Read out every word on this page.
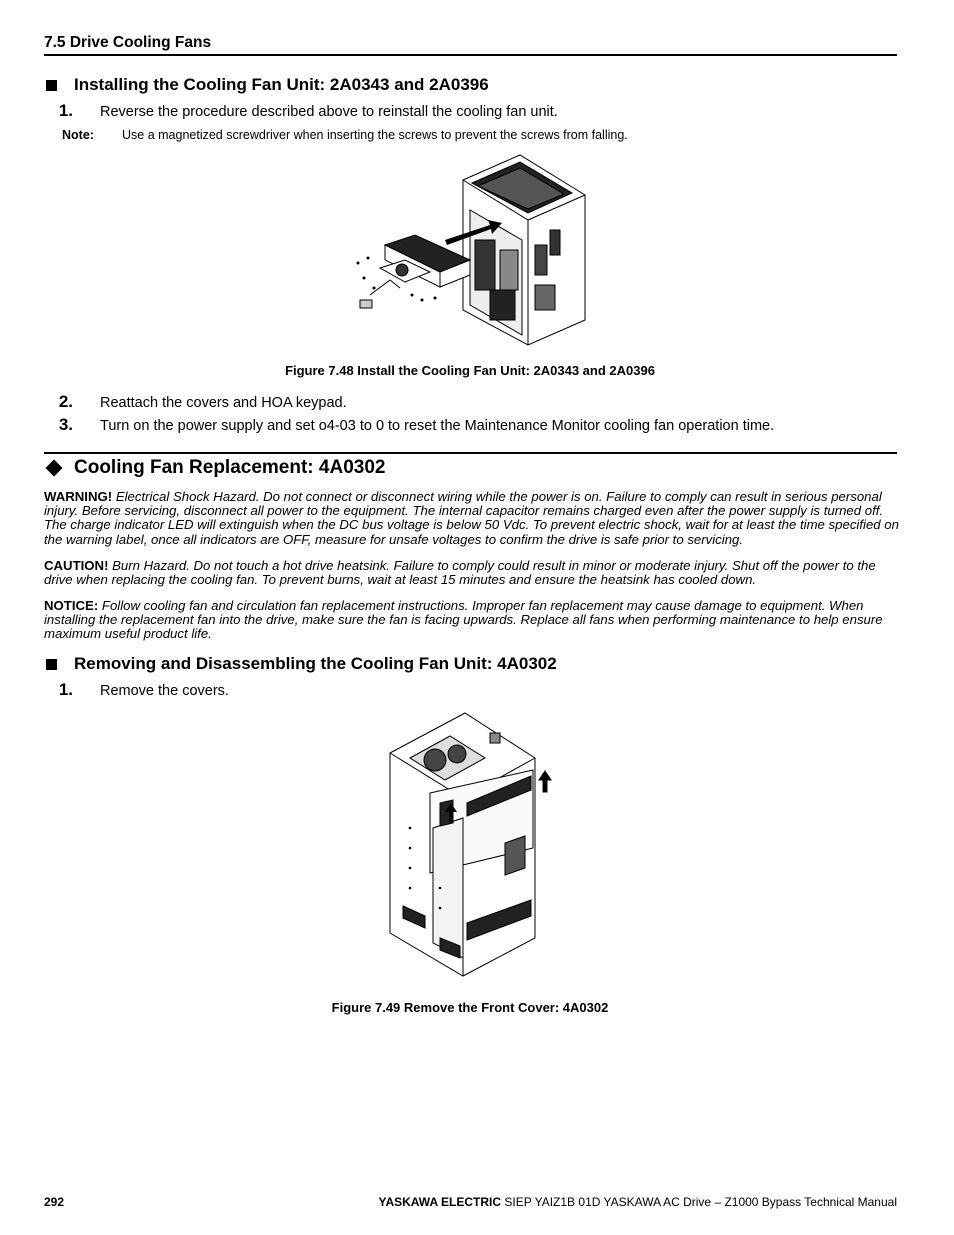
7.5 Drive Cooling Fans
Installing the Cooling Fan Unit: 2A0343 and 2A0396
1. Reverse the procedure described above to reinstall the cooling fan unit.
Note:	Use a magnetized screwdriver when inserting the screws to prevent the screws from falling.
Figure 7.48 Install the Cooling Fan Unit: 2A0343 and 2A0396
2. Reattach the covers and HOA keypad.
3. Turn on the power supply and set o4-03 to 0 to reset the Maintenance Monitor cooling fan operation time.
Cooling Fan Replacement: 4A0302
WARNING! Electrical Shock Hazard. Do not connect or disconnect wiring while the power is on. Failure to comply can result in serious personal injury. Before servicing, disconnect all power to the equipment. The internal capacitor remains charged even after the power supply is turned off. The charge indicator LED will extinguish when the DC bus voltage is below 50 Vdc. To prevent electric shock, wait for at least the time specified on the warning label, once all indicators are OFF, measure for unsafe voltages to confirm the drive is safe prior to servicing.
CAUTION! Burn Hazard. Do not touch a hot drive heatsink. Failure to comply could result in minor or moderate injury. Shut off the power to the drive when replacing the cooling fan. To prevent burns, wait at least 15 minutes and ensure the heatsink has cooled down.
NOTICE: Follow cooling fan and circulation fan replacement instructions. Improper fan replacement may cause damage to equipment. When installing the replacement fan into the drive, make sure the fan is facing upwards. Replace all fans when performing maintenance to help ensure maximum useful product life.
Removing and Disassembling the Cooling Fan Unit: 4A0302
1. Remove the covers.
Figure 7.49 Remove the Front Cover: 4A0302
292	YASKAWA ELECTRIC SIEP YAIZ1B 01D YASKAWA AC Drive – Z1000 Bypass Technical Manual
